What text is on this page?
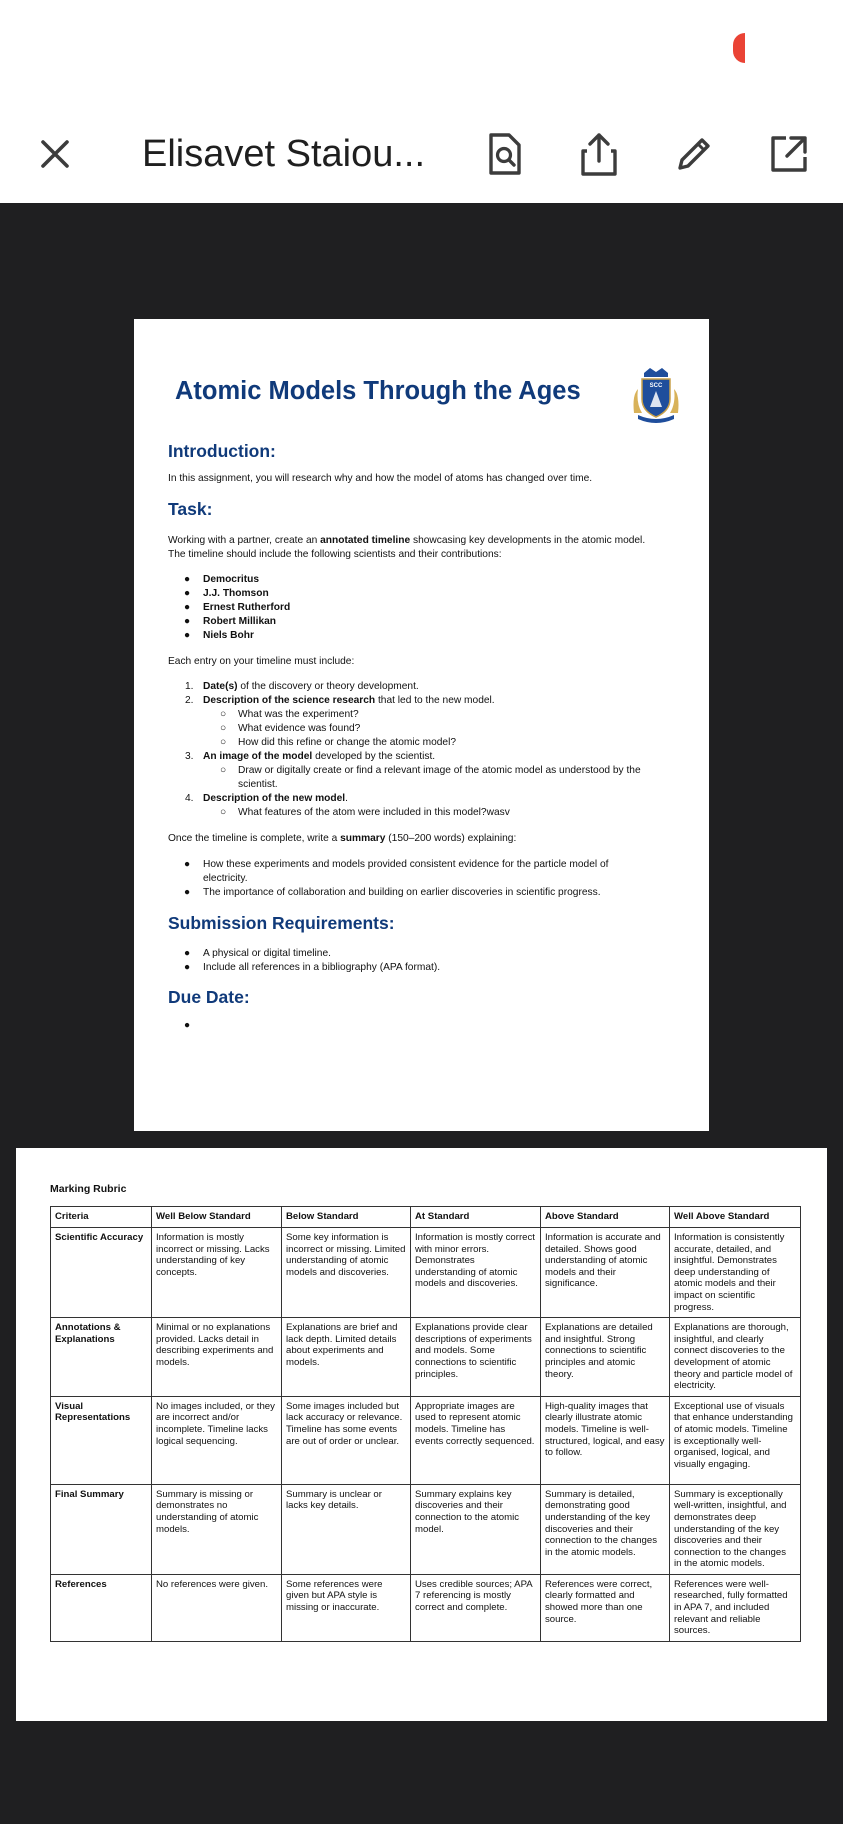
Elisavet Staiou...
Atomic Models Through the Ages	SCC
Introduction:
In this assignment, you will research why and how the model of atoms has changed over time.
Task:
Working with a partner, create an annotated timeline showcasing key developments in the atomic model.
The timeline should include the following scientists and their contributions:
● Democritus
● J.J. Thomson
● Ernest Rutherford
● Robert Millikan
● Niels Bohr
Each entry on your timeline must include:
1. Date(s) of the discovery or theory development.
2. Description of the science research that led to the new model.
○ What was the experiment?
○ What evidence was found?
○ How did this refine or change the atomic model?
3. An image of the model developed by the scientist.
○ Draw or digitally create or find a relevant image of the atomic model as understood by the
scientist.
4. Description of the new model.
○ What features of the atom were included in this model?wasv
Once the timeline is complete, write a summary (150–200 words) explaining:
● How these experiments and models provided consistent evidence for the particle model of
electricity.
● The importance of collaboration and building on earlier discoveries in scientific progress.
Submission Requirements:
● A physical or digital timeline.
● Include all references in a bibliography (APA format).
Due Date:
●
Marking Rubric
Criteria	Well Below Standard	Below Standard	At Standard	Above Standard	Well Above Standard
Scientific Accuracy	Information is mostly incorrect or missing. Lacks understanding of key concepts.	Some key information is incorrect or missing. Limited understanding of atomic models and discoveries.	Information is mostly correct with minor errors. Demonstrates understanding of atomic models and discoveries.	Information is accurate and detailed. Shows good understanding of atomic models and their significance.	Information is consistently accurate, detailed, and insightful. Demonstrates deep understanding of atomic models and their impact on scientific progress.
Annotations & Explanations	Minimal or no explanations provided. Lacks detail in describing experiments and models.	Explanations are brief and lack depth. Limited details about experiments and models.	Explanations provide clear descriptions of experiments and models. Some connections to scientific principles.	Explanations are detailed and insightful. Strong connections to scientific principles and atomic theory.	Explanations are thorough, insightful, and clearly connect discoveries to the development of atomic theory and particle model of electricity.
Visual Representations	No images included, or they are incorrect and/or incomplete. Timeline lacks logical sequencing.	Some images included but lack accuracy or relevance. Timeline has some events are out of order or unclear.	Appropriate images are used to represent atomic models. Timeline has events correctly sequenced.	High-quality images that clearly illustrate atomic models. Timeline is well-structured, logical, and easy to follow.	Exceptional use of visuals that enhance understanding of atomic models. Timeline is exceptionally well-organised, logical, and visually engaging.
Final Summary	Summary is missing or demonstrates no understanding of atomic models.	Summary is unclear or lacks key details.	Summary explains key discoveries and their connection to the atomic model.	Summary is detailed, demonstrating good understanding of the key discoveries and their connection to the changes in the atomic models.	Summary is exceptionally well-written, insightful, and demonstrates deep understanding of the key discoveries and their connection to the changes in the atomic models.
References	No references were given.	Some references were given but APA style is missing or inaccurate.	Uses credible sources; APA 7 referencing is mostly correct and complete.	References were correct, clearly formatted and showed more than one source.	References were well-researched, fully formatted in APA 7, and included relevant and reliable sources.
